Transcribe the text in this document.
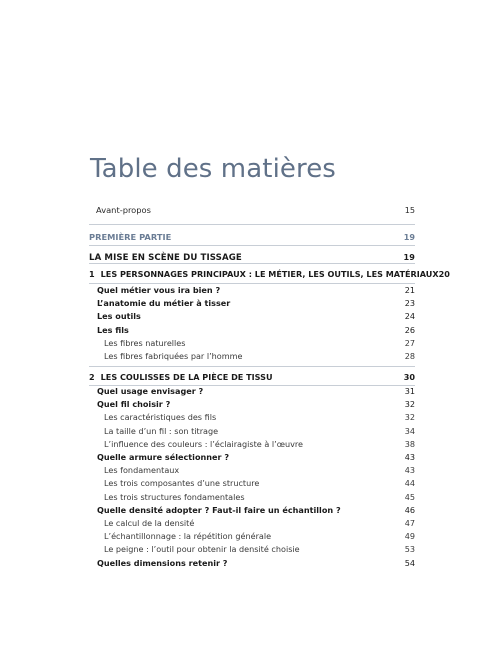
Table des matières
Avant-propos	15
PREMIÈRE PARTIE	19
LA MISE EN SCÈNE DU TISSAGE	19
1 LES PERSONNAGES PRINCIPAUX : LE MÉTIER, LES OUTILS, LES MATÉRIAUX 20
Quel métier vous ira bien ?	21
L’anatomie du métier à tisser	23
Les outils	24
Les fils	26
Les fibres naturelles	27
Les fibres fabriquées par l’homme	28
2 LES COULISSES DE LA PIÈCE DE TISSU	30
Quel usage envisager ?	31
Quel fil choisir ?	32
Les caractéristiques des fils	32
La taille d’un fil : son titrage	34
L’influence des couleurs : l’éclairagiste à l’œuvre	38
Quelle armure sélectionner ?	43
Les fondamentaux	43
Les trois composantes d’une structure	44
Les trois structures fondamentales	45
Quelle densité adopter ? Faut-il faire un échantillon ?	46
Le calcul de la densité	47
L’échantillonnage : la répétition générale	49
Le peigne : l’outil pour obtenir la densité choisie	53
Quelles dimensions retenir ?	54
